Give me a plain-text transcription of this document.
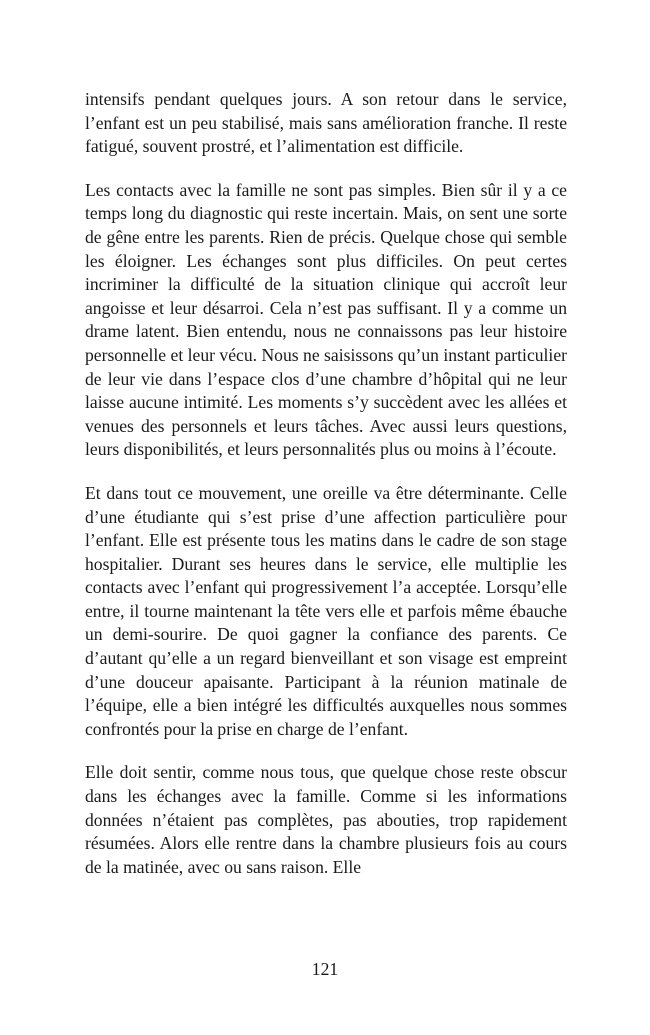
intensifs pendant quelques jours. A son retour dans le service, l’enfant est un peu stabilisé, mais sans amélioration franche. Il reste fatigué, souvent prostré, et l’alimentation est difficile.

Les contacts avec la famille ne sont pas simples. Bien sûr il y a ce temps long du diagnostic qui reste incertain. Mais, on sent une sorte de gêne entre les parents. Rien de précis. Quelque chose qui semble les éloigner. Les échanges sont plus difficiles. On peut certes incriminer la difficulté de la situation clinique qui accroît leur angoisse et leur désarroi. Cela n’est pas suffisant. Il y a comme un drame latent. Bien entendu, nous ne connaissons pas leur histoire personnelle et leur vécu. Nous ne saisissons qu’un instant particulier de leur vie dans l’espace clos d’une chambre d’hôpital qui ne leur laisse aucune intimité. Les moments s’y succèdent avec les allées et venues des personnels et leurs tâches. Avec aussi leurs questions, leurs disponibilités, et leurs personnalités plus ou moins à l’écoute.

Et dans tout ce mouvement, une oreille va être déterminante. Celle d’une étudiante qui s’est prise d’une affection particulière pour l’enfant. Elle est présente tous les matins dans le cadre de son stage hospitalier. Durant ses heures dans le service, elle multiplie les contacts avec l’enfant qui progressivement l’a acceptée. Lorsqu’elle entre, il tourne maintenant la tête vers elle et parfois même ébauche un demi-sourire. De quoi gagner la confiance des parents. Ce d’autant qu’elle a un regard bienveillant et son visage est empreint d’une douceur apaisante. Participant à la réunion matinale de l’équipe, elle a bien intégré les difficultés auxquelles nous sommes confrontés pour la prise en charge de l’enfant.

Elle doit sentir, comme nous tous, que quelque chose reste obscur dans les échanges avec la famille. Comme si les informations données n’étaient pas complètes, pas abouties, trop rapidement résumées. Alors elle rentre dans la chambre plusieurs fois au cours de la matinée, avec ou sans raison. Elle

121
